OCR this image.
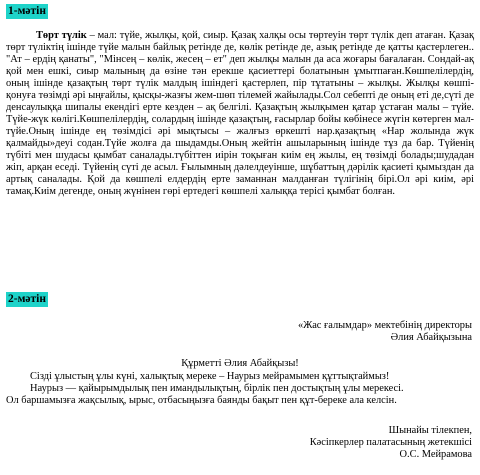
1-мәтін

Төрт түлік – мал: түйе, жылқы, қой, сиыр. Қазақ халқы осы төртеуін төрт түлік деп атаған. Қазақ төрт түліктің ішінде түйе малын байлық ретінде де, көлік ретінде де, азық ретінде де қатты қастерлеген.. "Ат – ердің қанаты", "Мінсең – көлік, жесең – ет" деп жылқы малын да аса жоғары бағалаған. Сондай-ақ қой мен ешкі, сиыр малының да өзіне тән ерекше қасиеттері болатынын ұмытпаған.Көшпелілердің, оның ішінде қазақтың төрт түлік малдың ішіндегі қастерлеп, пір тұтатыны – жылқы. Жылқы көшпі-қонуға төзімді әрі ыңғайлы, қысқы-жазғы жем-шөп тілемей жайылады.Сол себепті де оның еті де,сүті де денсаулыққа шипалы екендігі ерте кезден – ақ белгілі. Қазақтың жылқымен қатар ұстаған малы – түйе. Түйе-жүк көлігі.Көшпелілердің, солардың ішінде қазақтың, ғасырлар бойы көбінесе жүгін көтерген мал-түйе.Оның ішінде ең төзімдісі әрі мықтысы – жалғыз өркешті нар.қазақтың «Нар жолында жүк қалмайды»деуі содан.Түйе жолға да шыдамды.Оның жейтін ашыларының ішінде тұз да бар. Түйенің түбіті мен шудасы қымбат саналады.түбіттен иірін тоқыған киім ең жылы, ең төзімді болады;шудадан жіп, арқан еседі. Түйенің сүті де асыл. Ғылымның дәлелдеуінше, шұбаттың дәрілік қасиеті қымыздан да артық саналады. Қой да көшпелі елдердің ерте заманнан малданған түлігінің бірі.Ол әрі киім, әрі тамақ.Киім дегенде, оның жүнінен гөрі ертедегі көшпелі халыққа терісі қымбат болған.

2-мәтін
«Жас ғалымдар» мектебінің директоры
Әлия Абайқызына
Құрметті Әлия Абайқызы!
Сізді ұлыстың ұлы күні, халықтық мереке – Наурыз мейрамымен құттықтаймыз!
Наурыз — қайырымдылық пен имандылықтың, бірлік пен достықтың ұлы мерекесі.
Ол баршамызға жақсылық, ырыс, отбасыңызға баянды бақыт пен құт-береке ала келсін.
Шынайы тілекпен,
Кәсіпкерлер палатасының жетекшісі
О.С. Мейрамова
